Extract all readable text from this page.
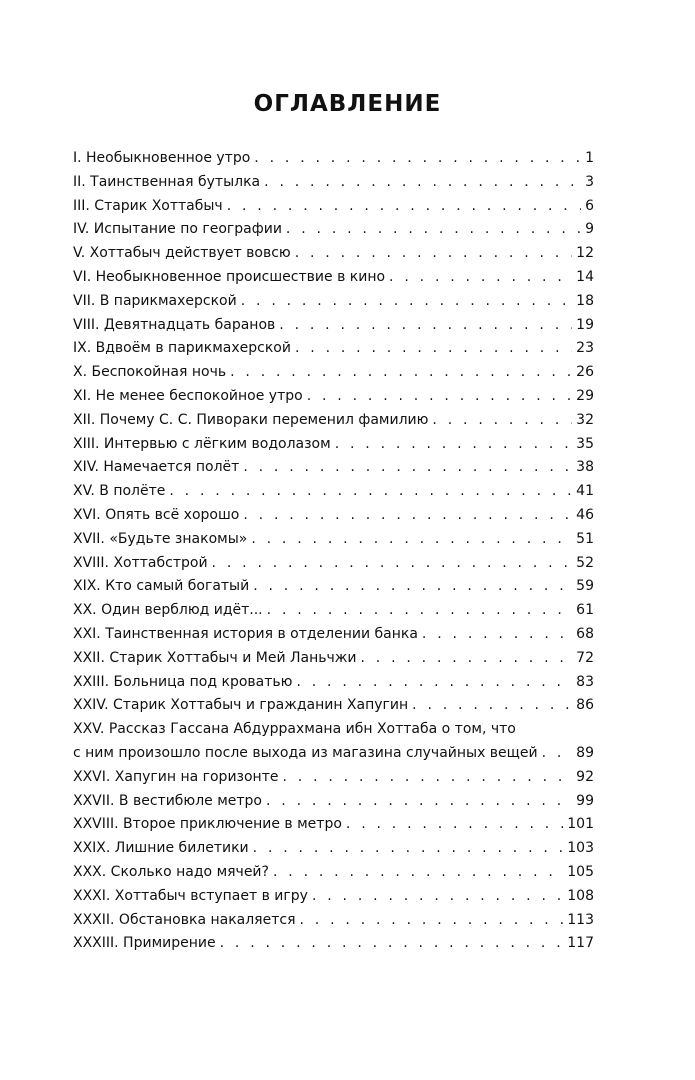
ОГЛАВЛЕНИЕ
I. Необыкновенное утро . . .	1
II. Таинственная бутылка . . .	3
III. Старик Хоттабыч . . .	6
IV. Испытание по географии . . .	9
V. Хоттабыч действует вовсю . . .	12
VI. Необыкновенное происшествие в кино . . .	14
VII. В парикмахерской . . .	18
VIII. Девятнадцать баранов . . .	19
IX. Вдвоём в парикмахерской . . .	23
X. Беспокойная ночь . . .	26
XI. Не менее беспокойное утро . . .	29
XII. Почему С. С. Пивораки переменил фамилию . . .	32
XIII. Интервью с лёгким водолазом . . .	35
XIV. Намечается полёт . . .	38
XV. В полёте . . .	41
XVI. Опять всё хорошо . . .	46
XVII. «Будьте знакомы» . . .	51
XVIII. Хоттабстрой . . .	52
XIX. Кто самый богатый . . .	59
XX. Один верблюд идёт... . . .	61
XXI. Таинственная история в отделении банка . . .	68
XXII. Старик Хоттабыч и Мей Ланьчжи . . .	72
XXIII. Больница под кроватью . . .	83
XXIV. Старик Хоттабыч и гражданин Хапугин . . .	86
XXV. Рассказ Гассана Абдуррахмана ибн Хоттаба о том, что
с ним произошло после выхода из магазина случайных вещей . . .	89
XXVI. Хапугин на горизонте . . .	92
XXVII. В вестибюле метро . . .	99
XXVIII. Второе приключение в метро . . .	101
XXIX. Лишние билетики . . .	103
XXX. Сколько надо мячей? . . .	105
XXXI. Хоттабыч вступает в игру . . .	108
XXXII. Обстановка накаляется . . .	113
XXXIII. Примирение . . .	117
